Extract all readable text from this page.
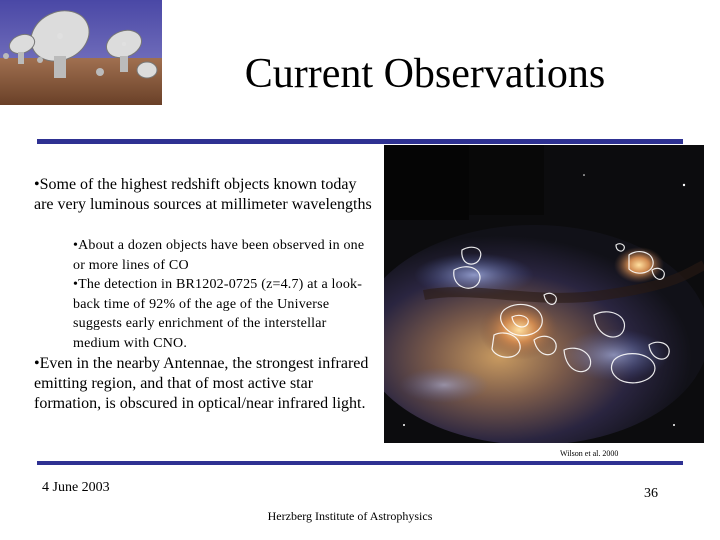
Current Observations
•Some of the highest redshift objects known today are very luminous sources at millimeter wavelengths
•About a dozen objects have been observed in one or more lines of CO
•The detection in BR1202-0725 (z=4.7) at a look-back time of 92% of the age of the Universe suggests early enrichment of the interstellar medium with CNO.
•Even in the nearby Antennae, the strongest infrared emitting region, and that of most active star formation, is obscured in optical/near infrared light.
Wilson et al. 2000
4 June 2003	36
Herzberg Institute of Astrophysics
